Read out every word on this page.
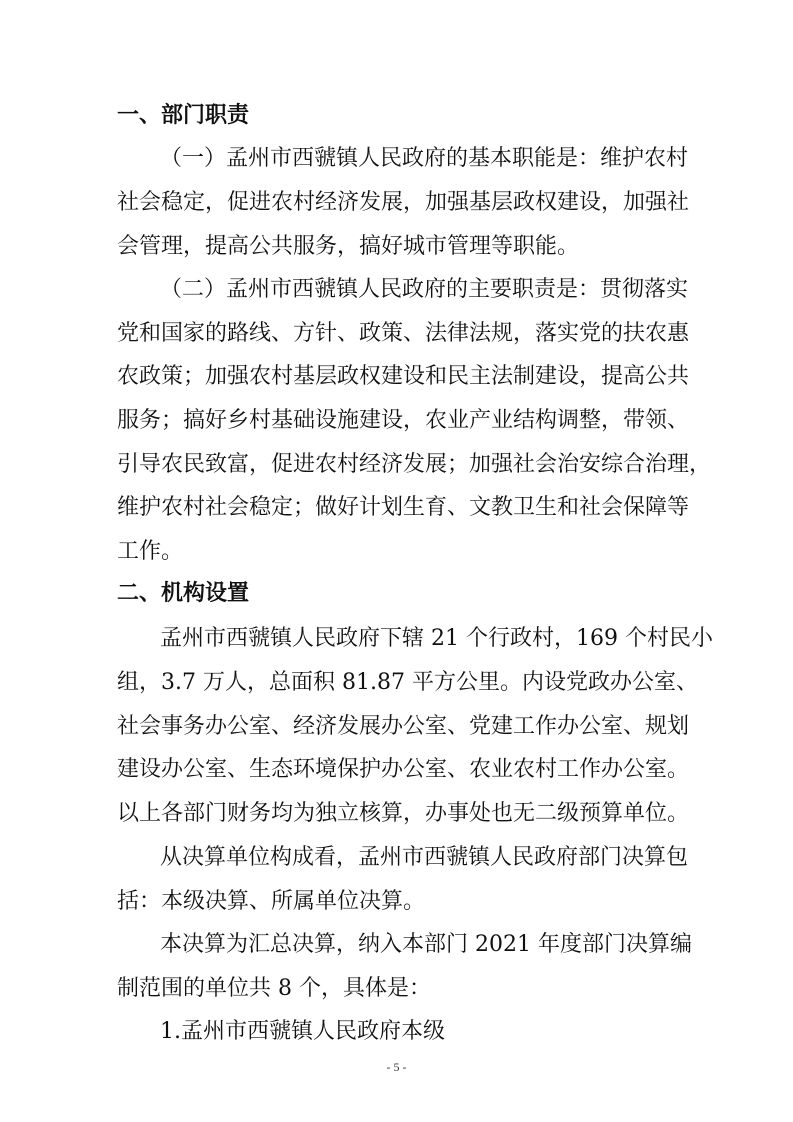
一、部门职责
（一）孟州市西虢镇人民政府的基本职能是：维护农村
社会稳定，促进农村经济发展，加强基层政权建设，加强社
会管理，提高公共服务，搞好城市管理等职能。
（二）孟州市西虢镇人民政府的主要职责是：贯彻落实
党和国家的路线、方针、政策、法律法规，落实党的扶农惠
农政策；加强农村基层政权建设和民主法制建设，提高公共
服务；搞好乡村基础设施建设，农业产业结构调整，带领、
引导农民致富，促进农村经济发展；加强社会治安综合治理，
维护农村社会稳定；做好计划生育、文教卫生和社会保障等
工作。
二、机构设置
孟州市西虢镇人民政府下辖 21 个行政村，169 个村民小
组，3.7 万人，总面积 81.87 平方公里。内设党政办公室、
社会事务办公室、经济发展办公室、党建工作办公室、规划
建设办公室、生态环境保护办公室、农业农村工作办公室。
以上各部门财务均为独立核算，办事处也无二级预算单位。
从决算单位构成看，孟州市西虢镇人民政府部门决算包
括：本级决算、所属单位决算。
本决算为汇总决算，纳入本部门 2021 年度部门决算编
制范围的单位共 8 个，具体是：
1.孟州市西虢镇人民政府本级
- 5 -
